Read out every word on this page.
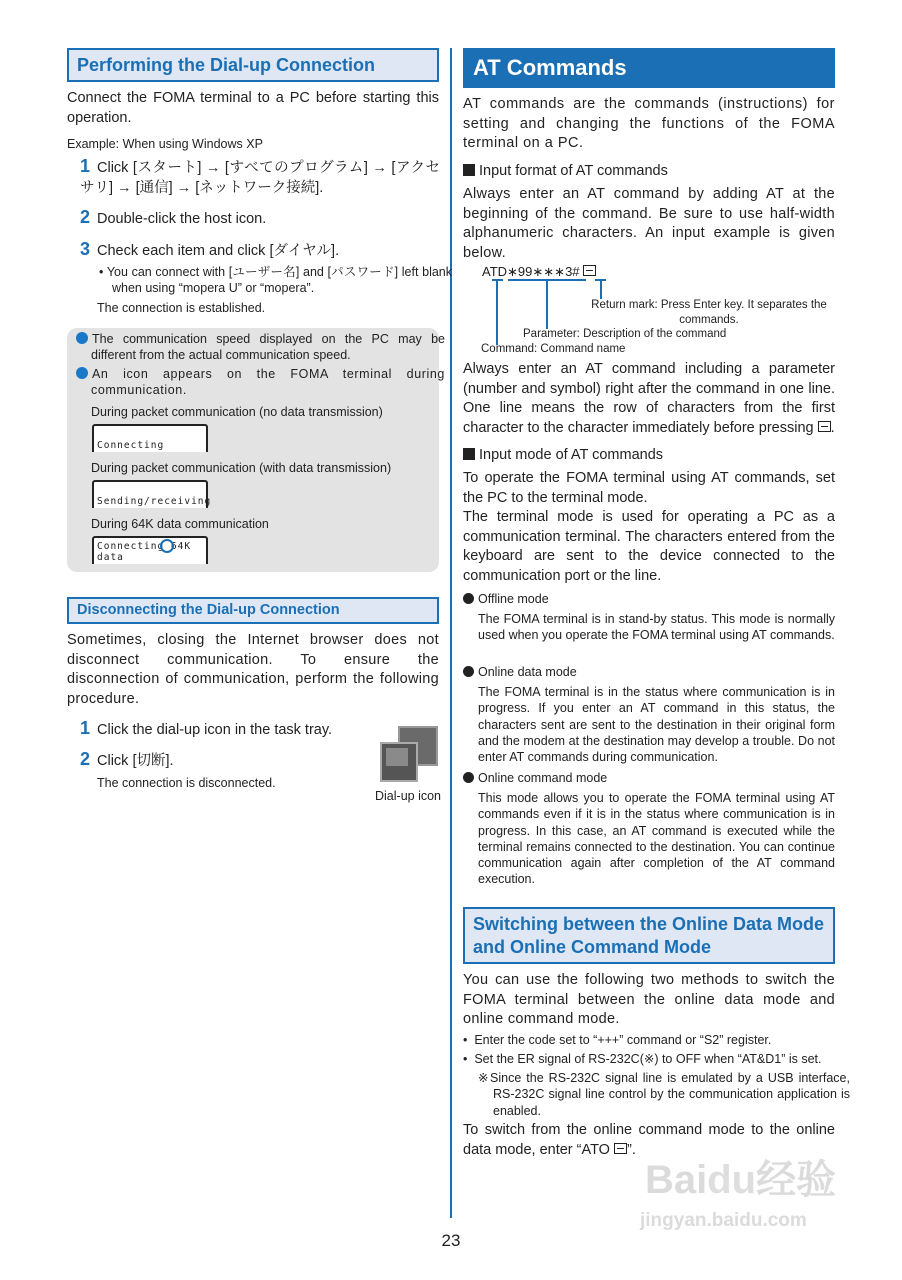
Performing the Dial-up Connection
Connect the FOMA terminal to a PC before starting this operation.
Example: When using Windows XP
1 Click [スタート] → [すべてのプログラム] → [アクセサリ] → [通信] → [ネットワーク接続].
2 Double-click the host icon.
3 Check each item and click [ダイヤル].
• You can connect with [ユーザー名] and [パスワード] left blank when using “mopera U” or “mopera”.
The connection is established.
The communication speed displayed on the PC may be different from the actual communication speed.
An icon appears on the FOMA terminal during communication.
During packet communication (no data transmission)
Connecting
During packet communication (with data transmission)
Sending/receiving
During 64K data communication
Connecting 64K data
Disconnecting the Dial-up Connection
Sometimes, closing the Internet browser does not disconnect communication. To ensure the disconnection of communication, perform the following procedure.
1 Click the dial-up icon in the task tray.
2 Click [切断].
The connection is disconnected.
Dial-up icon
AT Commands
AT commands are the commands (instructions) for setting and changing the functions of the FOMA terminal on a PC.
Input format of AT commands
Always enter an AT command by adding AT at the beginning of the command. Be sure to use half-width alphanumeric characters. An input example is given below.
ATD∗99∗∗∗3#
Return mark: Press Enter key. It separates the
commands.
Parameter: Description of the command
Command: Command name
Always enter an AT command including a parameter (number and symbol) right after the command in one line. One line means the row of characters from the first character to the character immediately before pressing .
Input mode of AT commands
To operate the FOMA terminal using AT commands, set the PC to the terminal mode.
The terminal mode is used for operating a PC as a communication terminal. The characters entered from the keyboard are sent to the device connected to the communication port or the line.
Offline mode
The FOMA terminal is in stand-by status. This mode is normally used when you operate the FOMA terminal using AT commands.
Online data mode
The FOMA terminal is in the status where communication is in progress. If you enter an AT command in this status, the characters sent are sent to the destination in their original form and the modem at the destination may develop a trouble. Do not enter AT commands during communication.
Online command mode
This mode allows you to operate the FOMA terminal using AT commands even if it is in the status where communication is in progress. In this case, an AT command is executed while the terminal remains connected to the destination. You can continue communication again after completion of the AT command execution.
Switching between the Online Data Mode and Online Command Mode
You can use the following two methods to switch the FOMA terminal between the online data mode and online command mode.
•  Enter the code set to “+++” command or “S2” register.
•  Set the ER signal of RS-232C(※) to OFF when “AT&D1” is set.
※Since the RS-232C signal line is emulated by a USB interface, RS-232C signal line control by the communication application is enabled.
To switch from the online command mode to the online data mode, enter “ATO ”.
Baidu经验
jingyan.baidu.com
23
